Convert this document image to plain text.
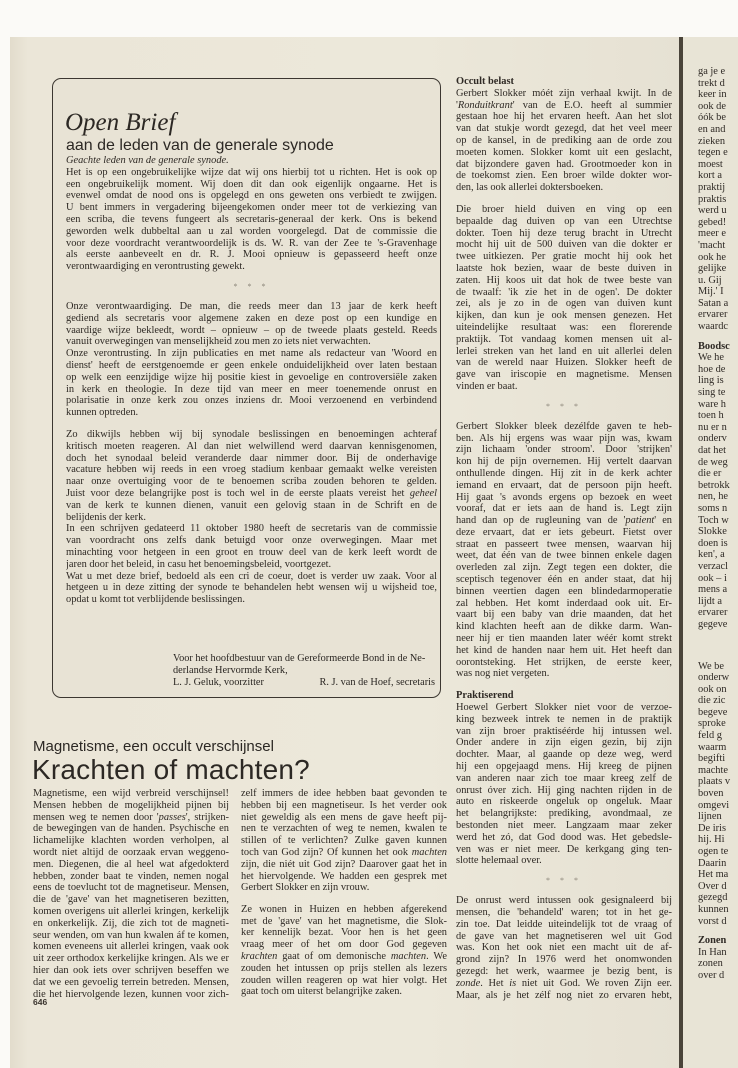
Open Brief
aan de leden van de generale synode
Geachte leden van de generale synode.
Het is op een ongebruikelijke wijze dat wij ons hierbij tot u richten. Het is ook op
een ongebruikelijk moment. Wij doen dit dan ook eigenlijk ongaarne. Het is
evenwel omdat de nood ons is opgelegd en ons geweten ons verbiedt te zwijgen.
U bent immers in vergadering bijeengekomen onder meer tot de verkiezing van
een scriba, die tevens fungeert als secretaris-generaal der kerk. Ons is bekend
geworden welk dubbeltal aan u zal worden voorgelegd. Dat de commissie die
voor deze voordracht verantwoordelijk is ds. W. R. van der Zee te 's-Gravenhage
als eerste aanbeveelt en dr. R. J. Mooi opnieuw is gepasseerd heeft onze
verontwaardiging en verontrusting gewekt.
* * *
Onze verontwaardiging. De man, die reeds meer dan 13 jaar de kerk heeft
gediend als secretaris voor algemene zaken en deze post op een kundige en
vaardige wijze bekleedt, wordt – opnieuw – op de tweede plaats gesteld. Reeds
vanuit overwegingen van menselijkheid zou men zo iets niet verwachten.
Onze verontrusting. In zijn publicaties en met name als redacteur van 'Woord en
dienst' heeft de eerstgenoemde er geen enkele onduidelijkheid over laten bestaan
op welk een eenzijdige wijze hij positie kiest in gevoelige en controversiële zaken
in kerk en theologie. In deze tijd van meer en meer toenemende onrust en
polarisatie in onze kerk zou onzes inziens dr. Mooi verzoenend en verbindend
kunnen optreden.
Zo dikwijls hebben wij bij synodale beslissingen en benoemingen achteraf
kritisch moeten reageren. Al dan niet welwillend werd daarvan kennisgenomen,
doch het synodaal beleid veranderde daar nimmer door. Bij de onderhavige
vacature hebben wij reeds in een vroeg stadium kenbaar gemaakt welke vereisten
naar onze overtuiging voor de te benoemen scriba zouden behoren te gelden.
Juist voor deze belangrijke post is toch wel in de eerste plaats vereist het geheel
van de kerk te kunnen dienen, vanuit een gelovig staan in de Schrift en de
belijdenis der kerk.
In een schrijven gedateerd 11 oktober 1980 heeft de secretaris van de commissie
van voordracht ons zelfs dank betuigd voor onze overwegingen. Maar met
minachting voor hetgeen in een groot en trouw deel van de kerk leeft wordt de
jaren door het beleid, in casu het benoemingsbeleid, voortgezet.
Wat u met deze brief, bedoeld als een cri de coeur, doet is verder uw zaak. Voor al
hetgeen u in deze zitting der synode te behandelen hebt wensen wij u wijsheid toe,
opdat u komt tot verblijdende beslissingen.
Voor het hoofdbestuur van de Gereformeerde Bond in de Ne-
derlandse Hervormde Kerk,
L. J. Geluk, voorzitter	R. J. van de Hoef, secretaris
Occult belast
Gerbert Slokker móét zijn verhaal kwijt. In de
'Ronduitkrant' van de E.O. heeft al summier
gestaan hoe hij het ervaren heeft. Aan het slot
van dat stukje wordt gezegd, dat het veel meer
op de kansel, in de prediking aan de orde zou
moeten komen. Slokker komt uit een geslacht,
dat bijzondere gaven had. Grootmoeder kon in
de toekomst zien. Een broer wilde dokter wor-
den, las ook allerlei doktersboeken.
Die broer hield duiven en ving op een
bepaalde dag duiven op van een Utrechtse
dokter. Toen hij deze terug bracht in Utrecht
mocht hij uit de 500 duiven van die dokter er
twee uitkiezen. Per gratie mocht hij ook het
laatste hok bezien, waar de beste duiven in
zaten. Hij koos uit dat hok de twee beste van
de twaalf: 'ik zie het in de ogen'. De dokter
zei, als je zo in de ogen van duiven kunt
kijken, dan kun je ook mensen genezen. Het
uiteindelijke resultaat was: een florerende
praktijk. Tot vandaag komen mensen uit al-
lerlei streken van het land en uit allerlei delen
van de wereld naar Huizen. Slokker heeft de
gave van iriscopie en magnetisme. Mensen
vinden er baat.
* * *
Gerbert Slokker bleek dezélfde gaven te heb-
ben. Als hij ergens was waar pijn was, kwam
zijn lichaam 'onder stroom'. Door 'strijken'
kon hij de pijn overnemen. Hij vertelt daarvan
onthullende dingen. Hij zit in de kerk achter
iemand en ervaart, dat de persoon pijn heeft.
Hij gaat 's avonds ergens op bezoek en weet
vooraf, dat er iets aan de hand is. Legt zijn
hand dan op de rugleuning van de 'patient' en
deze ervaart, dat er iets gebeurt. Fietst over
straat en passeert twee mensen, waarvan hij
weet, dat één van de twee binnen enkele dagen
overleden zal zijn. Zegt tegen een dokter, die
sceptisch tegenover één en ander staat, dat hij
binnen veertien dagen een blindedarmoperatie
zal hebben. Het komt inderdaad ook uit. Er-
vaart bij een baby van drie maanden, dat het
kind klachten heeft aan de dikke darm. Wan-
neer hij er tien maanden later wéér komt strekt
het kind de handen naar hem uit. Het heeft dan
oorontsteking. Het strijken, de eerste keer,
was nog niet vergeten.
Praktiserend
Hoewel Gerbert Slokker niet voor de verzoe-
king bezweek intrek te nemen in de praktijk
van zijn broer praktiséérde hij intussen wel.
Onder andere in zijn eigen gezin, bij zijn
dochter. Maar, al gaande op deze weg, werd
hij een opgejaagd mens. Hij kreeg de pijnen
van anderen naar zich toe maar kreeg zelf de
onrust óver zich. Hij ging nachten rijden in de
auto en riskeerde ongeluk op ongeluk. Maar
het belangrijkste: prediking, avondmaal, ze
bestonden niet meer. Langzaam maar zeker
werd het zó, dat God dood was. Het gebedsle-
ven was er niet meer. De kerkgang ging ten-
slotte helemaal over.
* * *
De onrust werd intussen ook gesignaleerd bij
mensen, die 'behandeld' waren; tot in het ge-
zin toe. Dat leidde uiteindelijk tot de vraag of
de gave van het magnetiseren wel uit God
was. Kon het ook niet een macht uit de af-
grond zijn? In 1976 werd het onomwonden
gezegd: het werk, waarmee je bezig bent, is
zonde. Het is niet uit God. We roven Zijn eer.
Maar, als je het zélf nog niet zo ervaren hebt,
Magnetisme, een occult verschijnsel
Krachten of machten?
Magnetisme, een wijd verbreid verschijnsel!
Mensen hebben de mogelijkheid pijnen bij
mensen weg te nemen door 'passes', strijken-
de bewegingen van de handen. Psychische en
lichamelijke klachten worden verholpen, al
wordt niet altijd de oorzaak ervan weggeno-
men. Diegenen, die al heel wat afgedokterd
hebben, zonder baat te vinden, nemen nogal
eens de toevlucht tot de magnetiseur. Mensen,
die de 'gave' van het magnetiseren bezitten,
komen overigens uit allerlei kringen, kerkelijk
en onkerkelijk. Zij, die zich tot de magneti-
seur wenden, om van hun kwalen áf te komen,
komen eveneens uit allerlei kringen, vaak ook
uit zeer orthodox kerkelijke kringen. Als we er
hier dan ook iets over schrijven beseffen we
dat we een gevoelig terrein betreden. Mensen,
die het hiervolgende lezen, kunnen voor zich-
zelf immers de idee hebben baat gevonden te
hebben bij een magnetiseur. Is het verder ook
niet geweldig als een mens de gave heeft pij-
nen te verzachten of weg te nemen, kwalen te
stillen of te verlichten? Zulke gaven kunnen
toch van God zijn? Of kunnen het ook machten
zijn, die niét uit God zijn? Daarover gaat het in
het hiervolgende. We hadden een gesprek met
Gerbert Slokker en zijn vrouw.
Ze wonen in Huizen en hebben afgerekend
met de 'gave' van het magnetisme, die Slok-
ker kennelijk bezat. Voor hen is het geen
vraag meer of het om door God gegeven
krachten gaat of om demonische machten. We
zouden het intussen op prijs stellen als lezers
zouden willen reageren op wat hier volgt. Het
gaat toch om uiterst belangrijke zaken.
646
ga je e
trekt d
keer in
ook de
óók be
en and
zieken
tegen e
moest
kort a
praktij
praktis
werd u
gebed!
meer e
'macht
ook he
gelijke
u. Gij
Mij.' I
Satan a
ervarer
waardc
Boodsc
We he
hoe de
ling is
sing te
ware h
toen h
nu er n
onderv
dat het
de weg
die er
betrokk
nen, he
soms n
Toch w
Slokke
doen is
ken', a
verzacl
ook – i
mens a
lijdt a
ervarer
gegeve
We be
onderw
ook on
die zic
begeve
sproke
feld g
waarm
begifti
machte
plaats v
boven
omgevi
lijnen
De iris
hij. Hi
ogen te
Daarin
Het ma
Over d
gezegd
kunnen
vorst d
Zonen
In Han
zonen
over d
